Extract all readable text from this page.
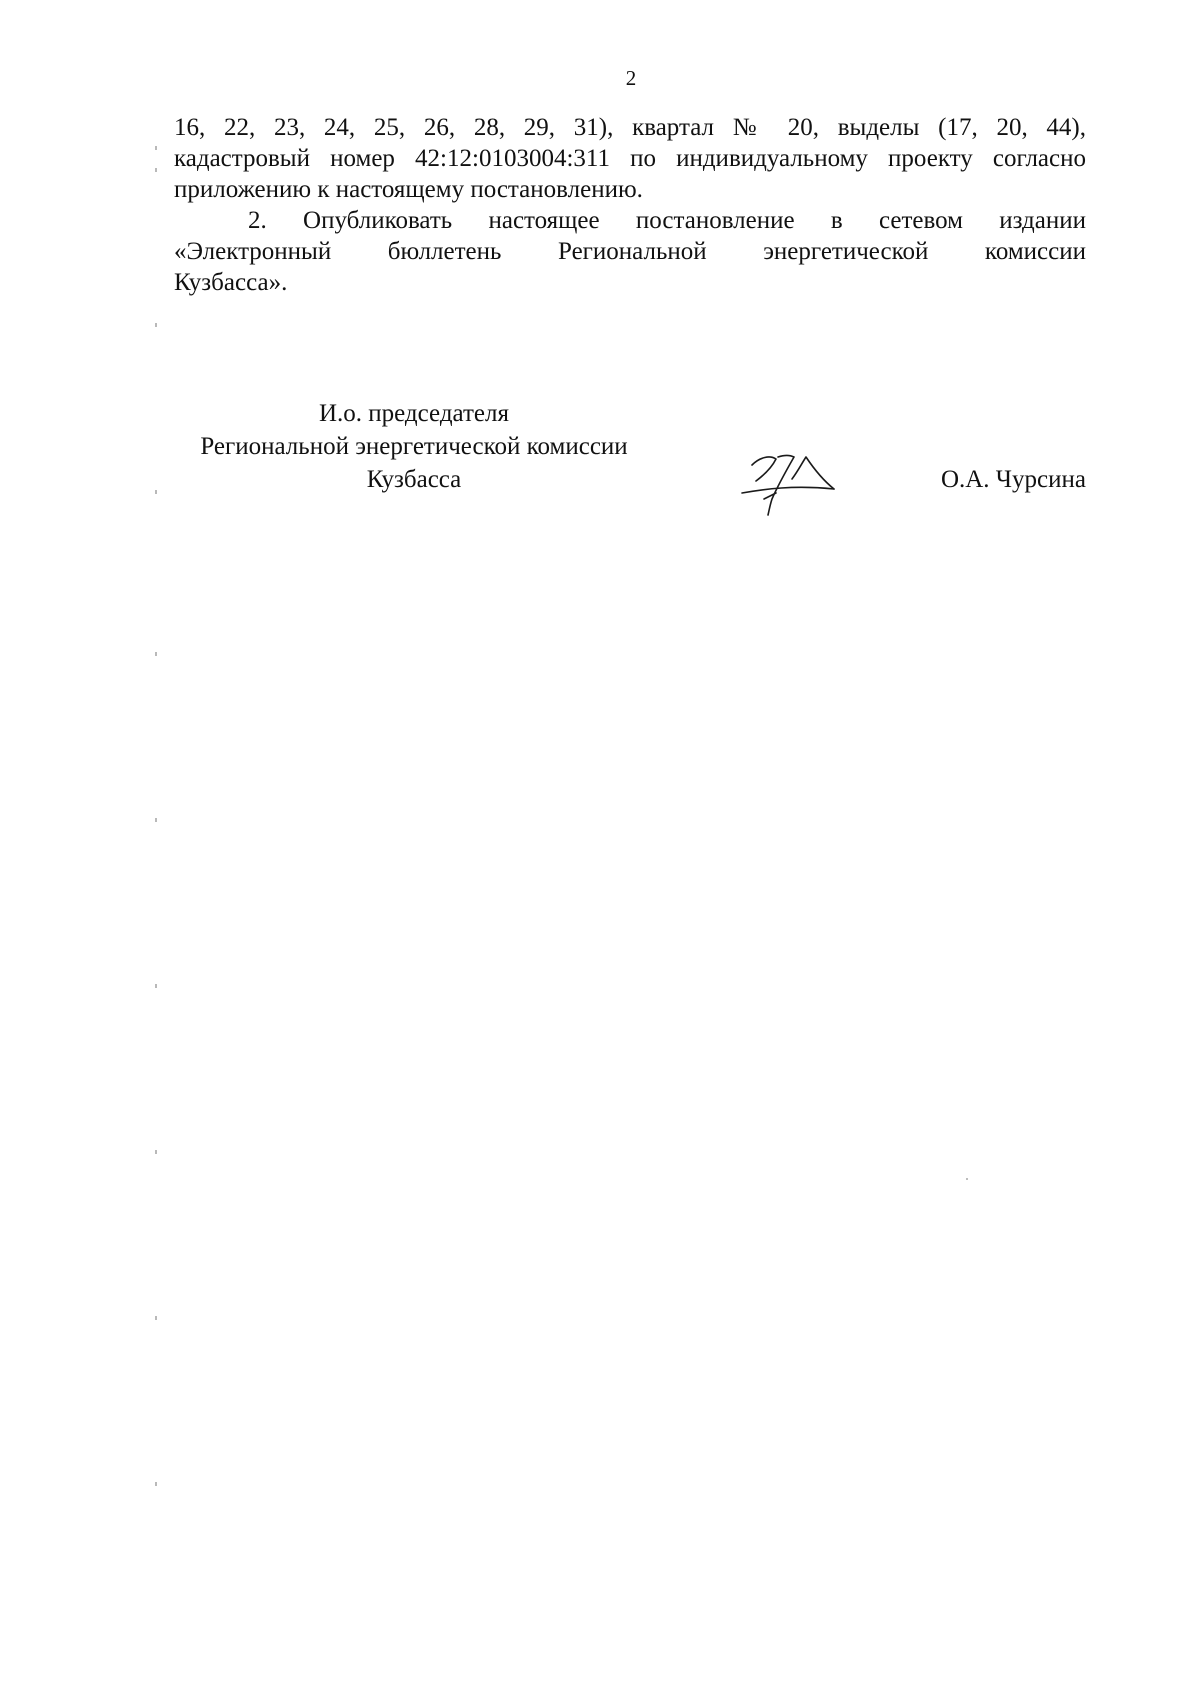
2

16, 22, 23, 24, 25, 26, 28, 29, 31), квартал № 20, выделы (17, 20, 44),
кадастровый номер 42:12:0103004:311 по индивидуальному проекту согласно
приложению к настоящему постановлению.

2. Опубликовать настоящее постановление в сетевом издании
«Электронный бюллетень Региональной энергетической комиссии
Кузбасса».

И.о. председателя
Региональной энергетической комиссии
Кузбасса	О.А. Чурсина
